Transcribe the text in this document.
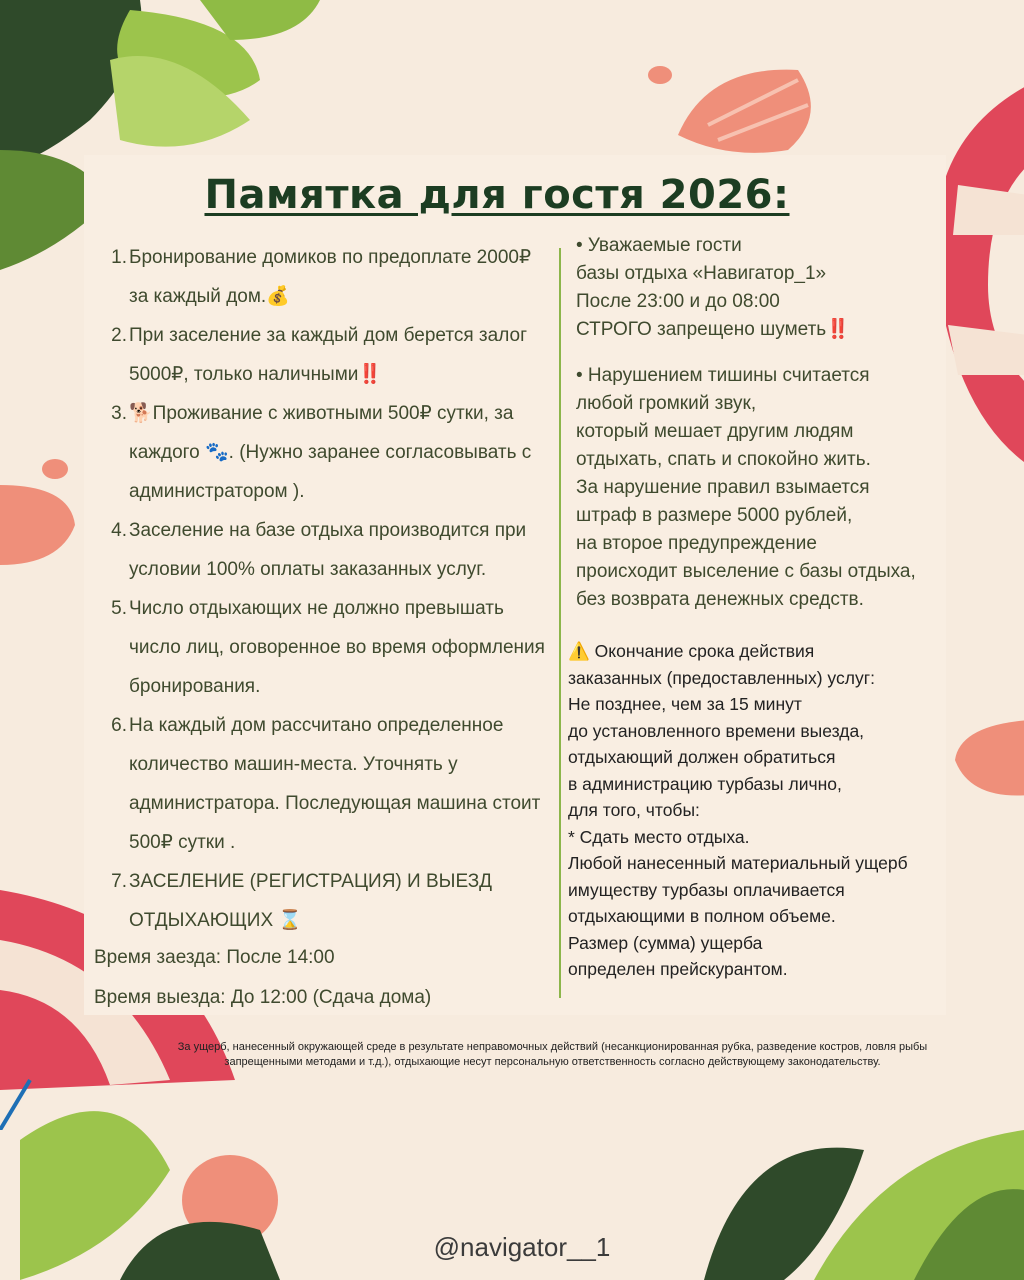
Памятка для гостя 2026:
1. Бронирование домиков по предоплате 2000₽ за каждый дом.💰
2. При заселение за каждый дом берется залог 5000₽, только наличными‼️
3. 🐕Проживание с животными 500₽ сутки, за каждого 🐾. (Нужно заранее согласовывать с администратором ).
4. Заселение на базе отдыха производится при условии 100% оплаты заказанных услуг.
5. Число отдыхающих не должно превышать число лиц, оговоренное во время оформления бронирования.
6. На каждый дом рассчитано определенное количество машин-места. Уточнять у администратора. Последующая машина стоит 500₽ сутки .
7. ЗАСЕЛЕНИЕ (РЕГИСТРАЦИЯ) И ВЫЕЗД ОТДЫХАЮЩИХ ⌛
Время заезда: После 14:00
Время выезда: До 12:00 (Сдача дома)

• Уважаемые гости
базы отдыха «Навигатор_1»
После 23:00 и до 08:00
СТРОГО запрещено шуметь‼️

• Нарушением тишины считается
любой громкий звук,
который мешает другим людям
отдыхать, спать и спокойно жить.
За нарушение правил взымается
штраф в размере 5000 рублей,
на второе предупреждение
происходит выселение с базы отдыха,
без возврата денежных средств.

⚠️ Окончание срока действия
заказанных (предоставленных) услуг:
Не позднее, чем за 15 минут
до установленного времени выезда,
отдыхающий должен обратиться
в администрацию турбазы лично,
для того, чтобы:
* Сдать место отдыха.
Любой нанесенный материальный ущерб
имуществу турбазы оплачивается
отдыхающими в полном объеме.
Размер (сумма) ущерба
определен прейскурантом.
За ущерб, нанесенный окружающей среде в результате неправомочных действий (несанкционированная рубка, разведение костров, ловля рыбы запрещенными методами и т.д.), отдыхающие несут персональную ответственность согласно действующему законодательству.
@navigator__1
